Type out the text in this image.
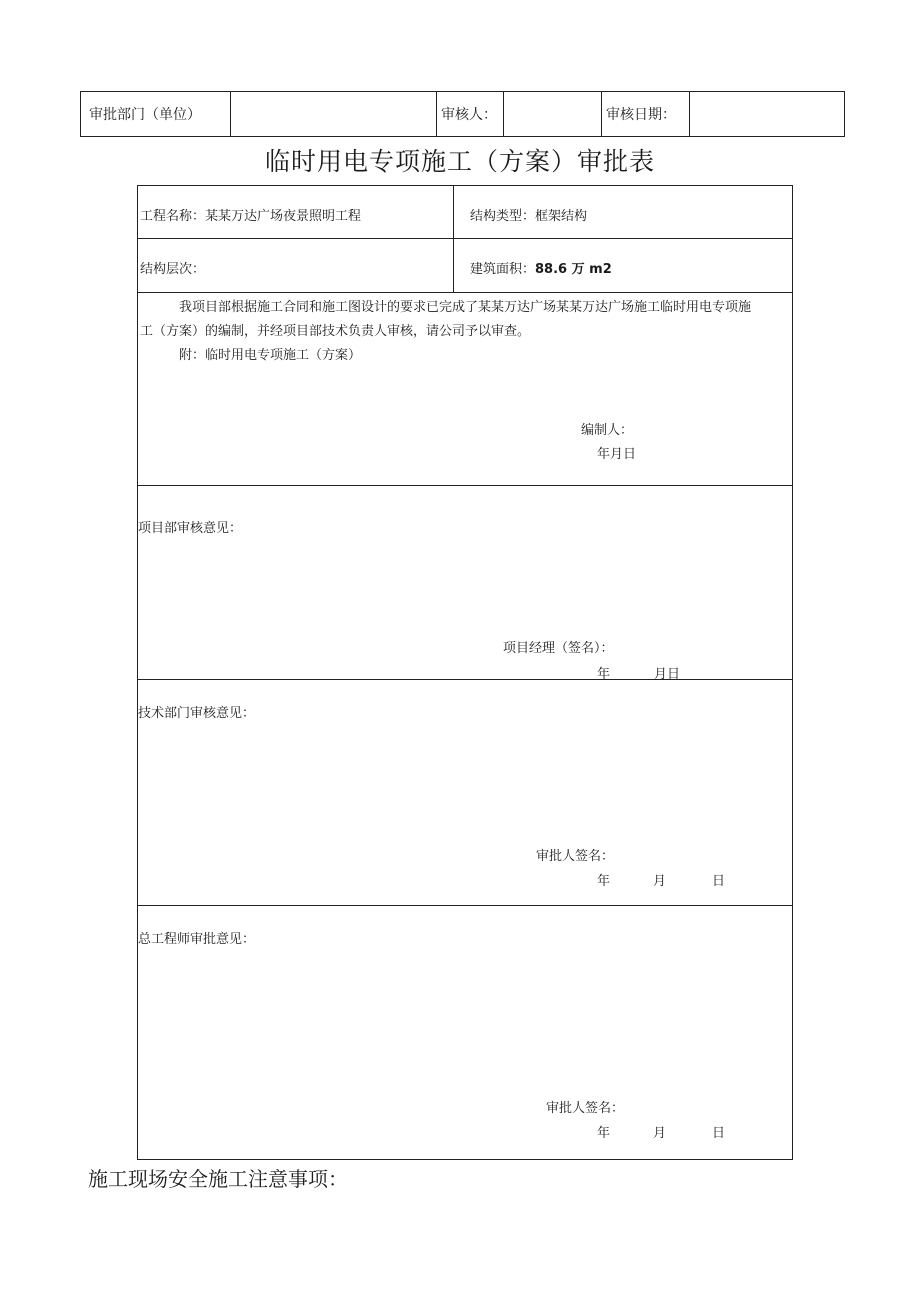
审批部门（单位）		审核人：		审核日期：	
临时用电专项施工（方案）审批表
工程名称：某某万达广场夜景照明工程	结构类型：框架结构
结构层次：	建筑面积：88.6 万 m2
我项目部根据施工合同和施工图设计的要求已完成了某某万达广场某某万达广场施工临时用电专项施
工（方案）的编制，并经项目部技术负责人审核，请公司予以审查。
附：临时用电专项施工（方案）
编制人：
年月日
项目部审核意见：
项目经理（签名）：
年	月日
技术部门审核意见：
审批人签名：
年	月	日
总工程师审批意见：
审批人签名：
年	月	日
施工现场安全施工注意事项：
